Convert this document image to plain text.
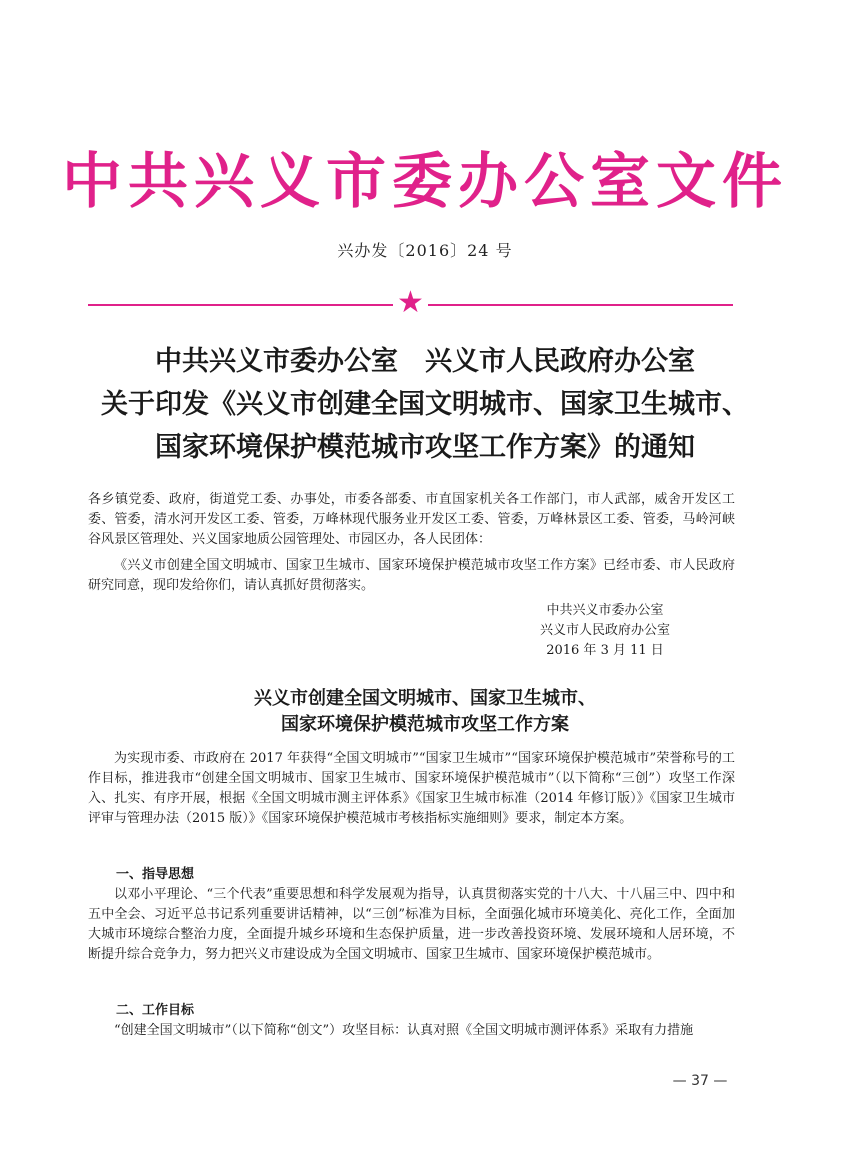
中共兴义市委办公室文件
兴办发〔2016〕24 号
★
中共兴义市委办公室　兴义市人民政府办公室
关于印发《兴义市创建全国文明城市、国家卫生城市、
国家环境保护模范城市攻坚工作方案》的通知
各乡镇党委、政府，街道党工委、办事处，市委各部委、市直国家机关各工作部门，市人武部，威舍开发区工委、管委，清水河开发区工委、管委，万峰林现代服务业开发区工委、管委，万峰林景区工委、管委，马岭河峡谷风景区管理处、兴义国家地质公园管理处、市园区办，各人民团体：
《兴义市创建全国文明城市、国家卫生城市、国家环境保护模范城市攻坚工作方案》已经市委、市人民政府研究同意，现印发给你们，请认真抓好贯彻落实。
中共兴义市委办公室
兴义市人民政府办公室
2016 年 3 月 11 日
兴义市创建全国文明城市、国家卫生城市、
国家环境保护模范城市攻坚工作方案
为实现市委、市政府在 2017 年获得“全国文明城市”“国家卫生城市”“国家环境保护模范城市”荣誉称号的工作目标，推进我市“创建全国文明城市、国家卫生城市、国家环境保护模范城市”（以下简称“三创”）攻坚工作深入、扎实、有序开展，根据《全国文明城市测主评体系》《国家卫生城市标准（2014 年修订版）》《国家卫生城市评审与管理办法（2015 版）》《国家环境保护模范城市考核指标实施细则》要求，制定本方案。
一、指导思想
以邓小平理论、“三个代表”重要思想和科学发展观为指导，认真贯彻落实党的十八大、十八届三中、四中和五中全会、习近平总书记系列重要讲话精神，以“三创”标准为目标，全面强化城市环境美化、亮化工作，全面加大城市环境综合整治力度，全面提升城乡环境和生态保护质量，进一步改善投资环境、发展环境和人居环境，不断提升综合竞争力，努力把兴义市建设成为全国文明城市、国家卫生城市、国家环境保护模范城市。
二、工作目标
“创建全国文明城市”（以下简称“创文”）攻坚目标：认真对照《全国文明城市测评体系》采取有力措施
— 37 —
